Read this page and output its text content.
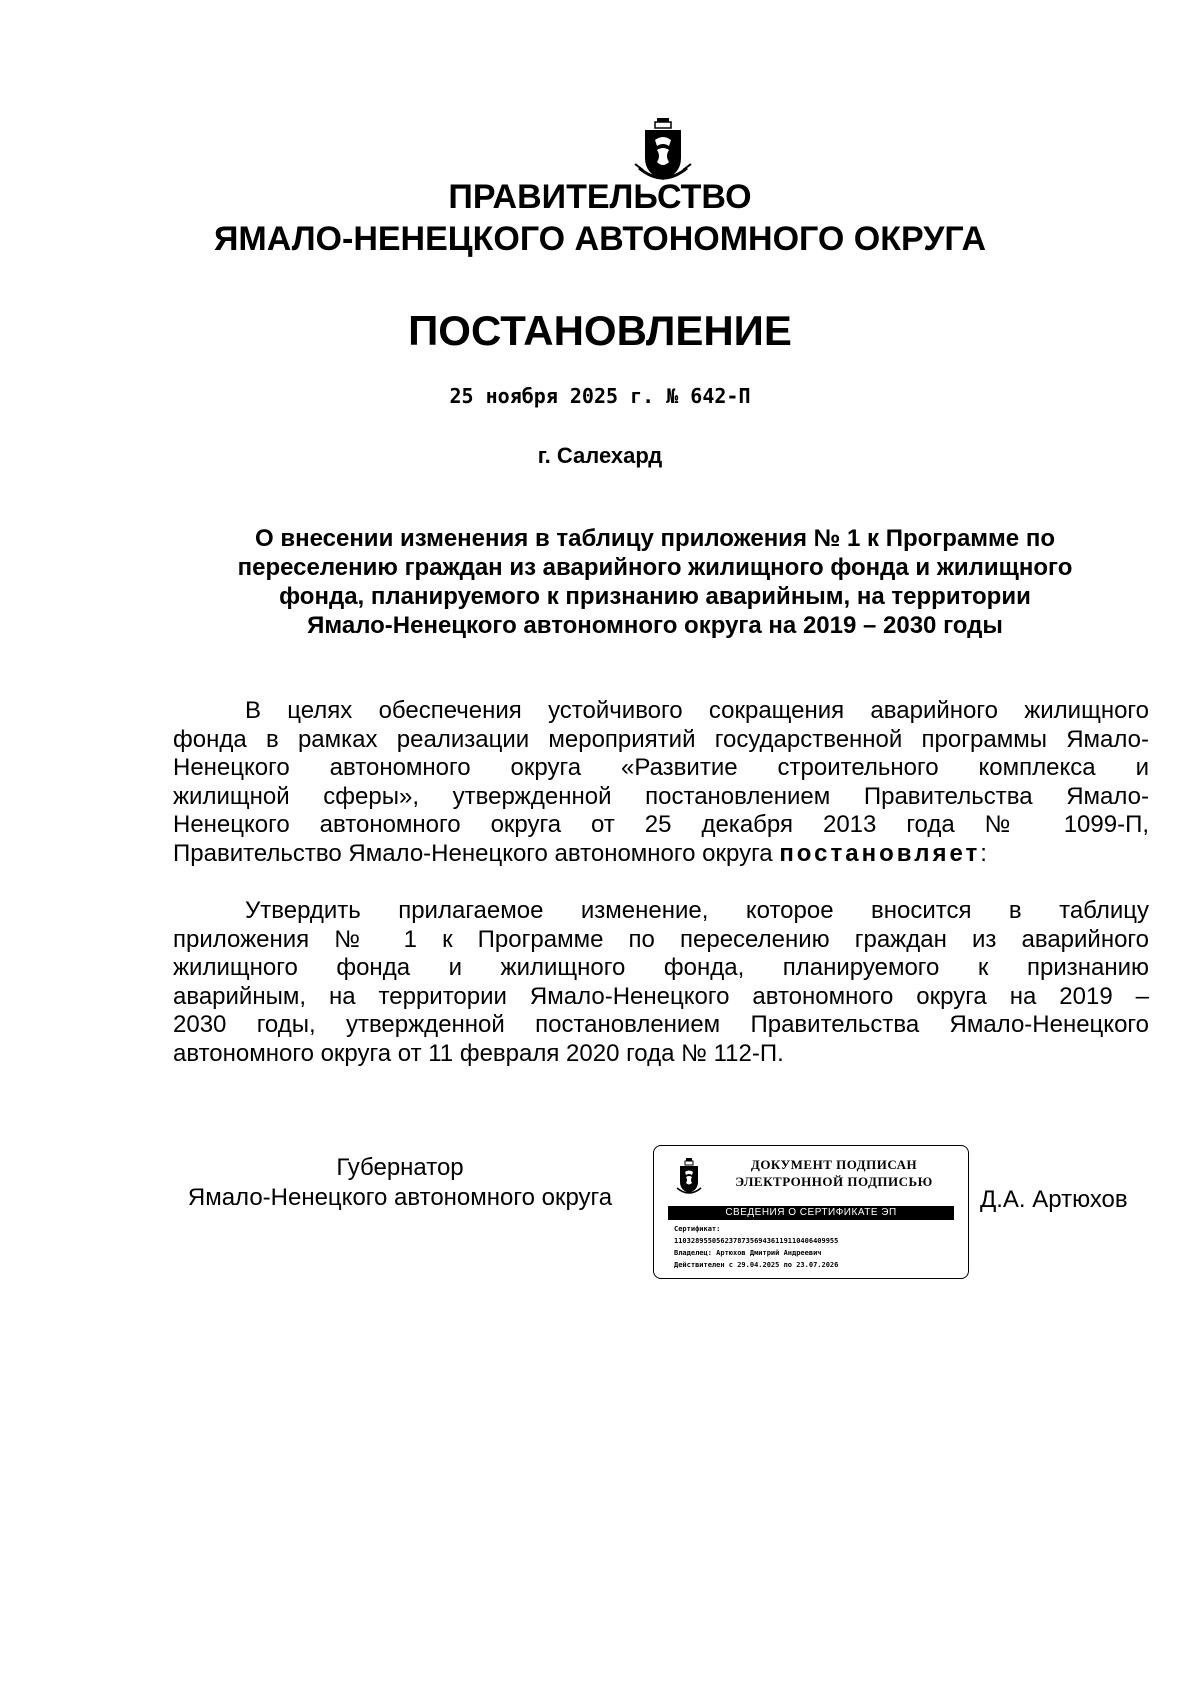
ПРАВИТЕЛЬСТВО
ЯМАЛО-НЕНЕЦКОГО АВТОНОМНОГО ОКРУГА
ПОСТАНОВЛЕНИЕ
25 ноября 2025 г. № 642-П
г. Салехард
О внесении изменения в таблицу приложения № 1 к Программе по
переселению граждан из аварийного жилищного фонда и жилищного
фонда, планируемого к признанию аварийным, на территории
Ямало-Ненецкого автономного округа на 2019 – 2030 годы
В целях обеспечения устойчивого сокращения аварийного жилищного
фонда в рамках реализации мероприятий государственной программы Ямало-
Ненецкого автономного округа «Развитие строительного комплекса и
жилищной сферы», утвержденной постановлением Правительства Ямало-
Ненецкого автономного округа от 25 декабря 2013 года № 1099-П,
Правительство Ямало-Ненецкого автономного округа постановляет:
Утвердить прилагаемое изменение, которое вносится в таблицу
приложения № 1 к Программе по переселению граждан из аварийного
жилищного фонда и жилищного фонда, планируемого к признанию
аварийным, на территории Ямало-Ненецкого автономного округа на 2019 –
2030 годы, утвержденной постановлением Правительства Ямало-Ненецкого
автономного округа от 11 февраля 2020 года № 112-П.
Губернатор
Ямало-Ненецкого автономного округа
ДОКУМЕНТ ПОДПИСАН
ЭЛЕКТРОННОЙ ПОДПИСЬЮ
СВЕДЕНИЯ О СЕРТИФИКАТЕ ЭП
Сертификат:
110328955056237873569436119110406409955
Владелец: Артюхов Дмитрий Андреевич
Действителен с 29.04.2025 по 23.07.2026
Д.А. Артюхов
